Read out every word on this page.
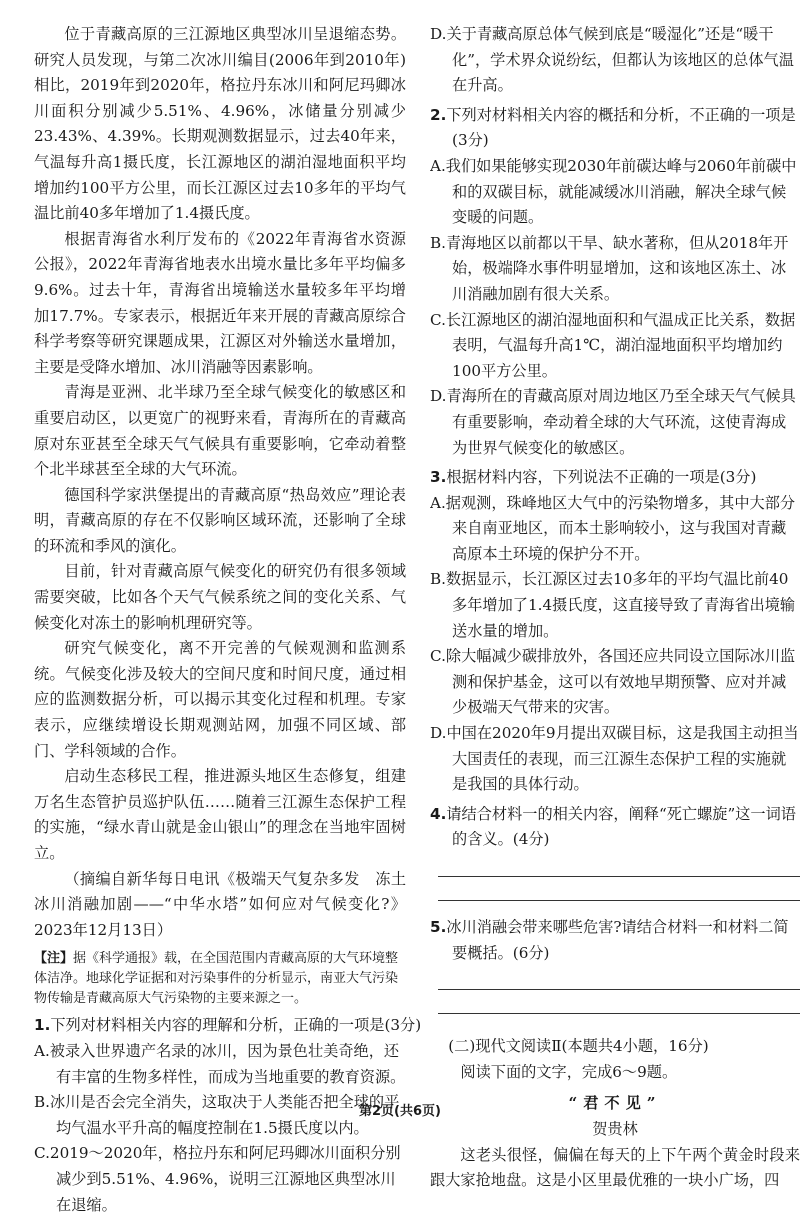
位于青藏高原的三江源地区典型冰川呈退缩态势。研究人员发现，与第二次冰川编目(2006年到2010年)相比，2019年到2020年，格拉丹东冰川和阿尼玛卿冰川面积分别减少5.51%、4.96%，冰储量分别减少23.43%、4.39%。长期观测数据显示，过去40年来，气温每升高1摄氏度，长江源地区的湖泊湿地面积平均增加约100平方公里，而长江源区过去10多年的平均气温比前40多年增加了1.4摄氏度。

根据青海省水利厅发布的《2022年青海省水资源公报》，2022年青海省地表水出境水量比多年平均偏多9.6%。过去十年，青海省出境输送水量较多年平均增加17.7%。专家表示，根据近年来开展的青藏高原综合科学考察等研究课题成果，江源区对外输送水量增加，主要是受降水增加、冰川消融等因素影响。

青海是亚洲、北半球乃至全球气候变化的敏感区和重要启动区，以更宽广的视野来看，青海所在的青藏高原对东亚甚至全球天气气候具有重要影响，它牵动着整个北半球甚至全球的大气环流。

德国科学家洪堡提出的青藏高原“热岛效应”理论表明，青藏高原的存在不仅影响区域环流，还影响了全球的环流和季风的演化。

目前，针对青藏高原气候变化的研究仍有很多领域需要突破，比如各个天气气候系统之间的变化关系、气候变化对冻土的影响机理研究等。

研究气候变化，离不开完善的气候观测和监测系统。气候变化涉及较大的空间尺度和时间尺度，通过相应的监测数据分析，可以揭示其变化过程和机理。专家表示，应继续增设长期观测站网，加强不同区域、部门、学科领域的合作。

启动生态移民工程，推进源头地区生态修复，组建万名生态管护员巡护队伍……随着三江源生态保护工程的实施，“绿水青山就是金山银山”的理念在当地牢固树立。

（摘编自新华每日电讯《极端天气复杂多发　冻土冰川消融加剧——“中华水塔”如何应对气候变化?》2023年12月13日）

【注】据《科学通报》载，在全国范围内青藏高原的大气环境整体洁净。地球化学证据和对污染事件的分析显示，南亚大气污染物传输是青藏高原大气污染物的主要来源之一。

1.下列对材料相关内容的理解和分析，正确的一项是(3分)

A.被录入世界遗产名录的冰川，因为景色壮美奇绝，还有丰富的生物多样性，而成为当地重要的教育资源。

B.冰川是否会完全消失，这取决于人类能否把全球的平均气温水平升高的幅度控制在1.5摄氏度以内。

C.2019～2020年，格拉丹东和阿尼玛卿冰川面积分别减少到5.51%、4.96%，说明三江源地区典型冰川在退缩。

D.关于青藏高原总体气候到底是“暖湿化”还是“暖干化”，学术界众说纷纭，但都认为该地区的总体气温在升高。

2.下列对材料相关内容的概括和分析，不正确的一项是(3分)

A.我们如果能够实现2030年前碳达峰与2060年前碳中和的双碳目标，就能减缓冰川消融，解决全球气候变暖的问题。

B.青海地区以前都以干旱、缺水著称，但从2018年开始，极端降水事件明显增加，这和该地区冻土、冰川消融加剧有很大关系。

C.长江源地区的湖泊湿地面积和气温成正比关系，数据表明，气温每升高1℃，湖泊湿地面积平均增加约100平方公里。

D.青海所在的青藏高原对周边地区乃至全球天气气候具有重要影响，牵动着全球的大气环流，这使青海成为世界气候变化的敏感区。

3.根据材料内容，下列说法不正确的一项是(3分)

A.据观测，珠峰地区大气中的污染物增多，其中大部分来自南亚地区，而本土影响较小，这与我国对青藏高原本土环境的保护分不开。

B.数据显示，长江源区过去10多年的平均气温比前40多年增加了1.4摄氏度，这直接导致了青海省出境输送水量的增加。

C.除大幅减少碳排放外，各国还应共同设立国际冰川监测和保护基金，这可以有效地早期预警、应对并减少极端天气带来的灾害。

D.中国在2020年9月提出双碳目标，这是我国主动担当大国责任的表现，而三江源生态保护工程的实施就是我国的具体行动。

4.请结合材料一的相关内容，阐释“死亡螺旋”这一词语的含义。(4分)

5.冰川消融会带来哪些危害?请结合材料一和材料二简要概括。(6分)

(二)现代文阅读Ⅱ(本题共4小题，16分)

阅读下面的文字，完成6～9题。

“君不见”

贺贵林

这老头很怪，偏偏在每天的上下午两个黄金时段来跟大家抢地盘。这是小区里最优雅的一块小广场，四

第2页(共6页)
